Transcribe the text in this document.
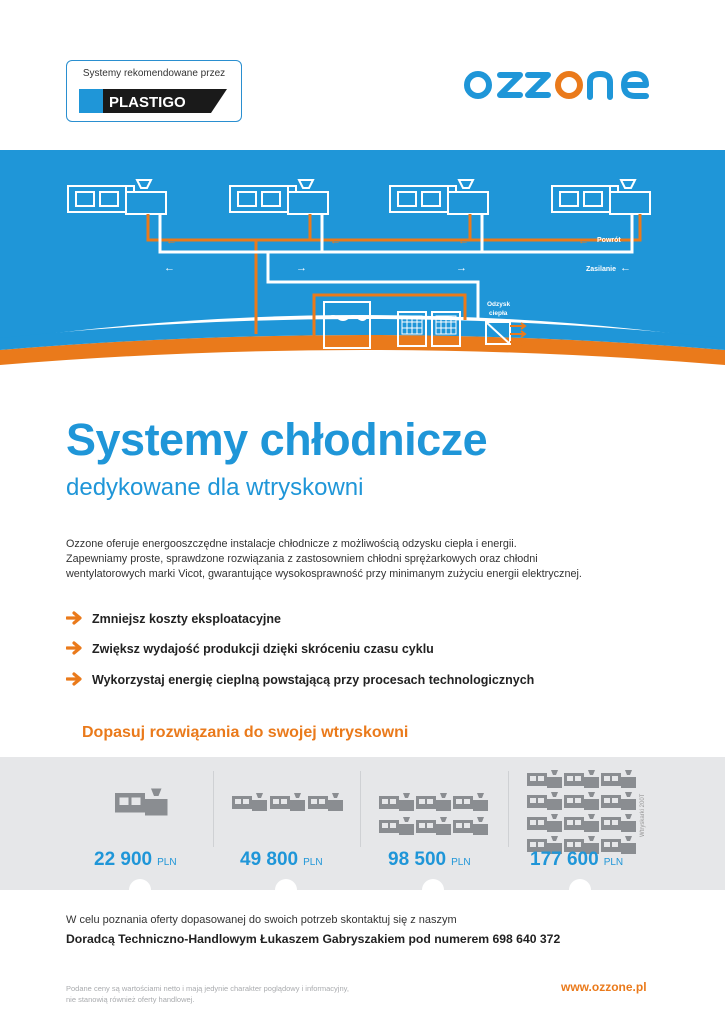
Systemy rekomendowane przez
PLASTIGO
←	←	←	←
←	→	→	←
Powrót
Zasilanie
Bufor	Agregaty
Odzysk
ciepła
Systemy chłodnicze
dedykowane dla wtryskowni

Ozzone oferuje energooszczędne instalacje chłodnicze z możliwością odzysku ciepła i energii.

Zapewniamy proste, sprawdzone rozwiązania z zastosowniem chłodni sprężarkowych oraz chłodni

wentylatorowych marki Vicot, gwarantujące wysokosprawność przy minimanym zużyciu energii elektrycznej.

Zmniejsz koszty eksploatacyjne
Zwiększ wydajość produkcji dzięki skróceniu czasu cyklu
Wykorzystaj energię cieplną powstającą przy procesach technologicznych
Dopasuj rozwiązania do swojej wtryskowni
22 900 PLN	49 800 PLN	98 500 PLN	177 600 PLN
Wtryskarki 200T
W celu poznania oferty dopasowanej do swoich potrzeb skontaktuj się z naszym
Doradcą Techniczno-Handlowym Łukaszem Gabryszakiem pod numerem 698 640 372

Podane ceny są wartościami netto i mają jedynie charakter poglądowy i informacyjny,

nie stanowią również oferty handlowej.

www.ozzone.pl
